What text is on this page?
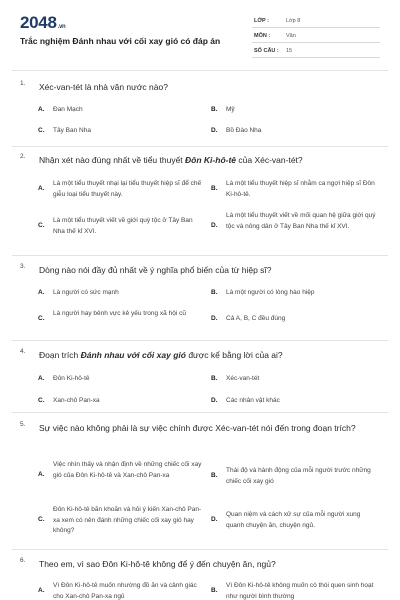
2048.vn
Trắc nghiệm Đánh nhau với cối xay gió có đáp án
LỚP :	Lớp 8
MÔN :	Văn
SỐ CÂU : 15
1. Xéc-van-tét là nhà văn nước nào?
A. Đan Mạch	B. Mỹ
C. Tây Ban Nha	D. Bồ Đào Nha
2. Nhận xét nào đúng nhất về tiểu thuyết Đôn Ki-hô-tê của Xéc-van-tét?
A.
Là một tiểu thuyết nhại lại tiểu thuyết hiệp sĩ để chế giễu loại tiểu thuyết này.
B.
Là một tiểu thuyết hiệp sĩ nhằm ca ngợi hiệp sĩ Đôn Ki-hô-tê.
C.
Là một tiểu thuyết viết về giới quý tộc ở Tây Ban Nha thế kỉ XVI.
D.
Là một tiểu thuyết viết về mối quan hệ giữa giới quý tộc và nông dân ở Tây Ban Nha thế kỉ XVI.
3. Dòng nào nói đầy đủ nhất về ý nghĩa phổ biến của từ hiệp sĩ?
A. Là người có sức mạnh	B. Là một người có lòng hào hiệp
C.
Là người hay bênh vực kẻ yếu trong xã hội cũ
D. Cả A, B, C đều đúng
4. Đoạn trích Đánh nhau với cối xay gió được kể bằng lời của ai?
A. Đôn Ki-hô-tê	B. Xéc-van-tét
C. Xan-chô Pan-xa	D. Các nhân vật khác
5. Sự việc nào không phải là sự việc chính được Xéc-van-tét nói đến trong đoạn trích?
A.
Việc nhìn thấy và nhận định về những chiếc cối xay gió của Đôn Ki-hô-tê và Xan-chô Pan-xa	B.
Thái độ và hành động của mỗi người trước những chiếc cối xay gió
C.
Đôn Ki-hô-tê băn khoăn và hỏi ý kiến Xan-chô Pan-xa xem có nên đánh những chiếc cối xay gió hay không?
D.
Quan niệm và cách xử sự của mỗi người xung quanh chuyện ăn, chuyện ngủ.
6. Theo em, vì sao Đôn Ki-hô-tê không để ý đến chuyện ăn, ngủ?
A.
Vì Đôn Ki-hô-tê muốn nhường đồ ăn và cảnh giác cho Xan-chô Pan-xa ngủ
B.
Vì Đôn Ki-hô-tê không muốn có thói quen sinh hoạt như người bình thường
